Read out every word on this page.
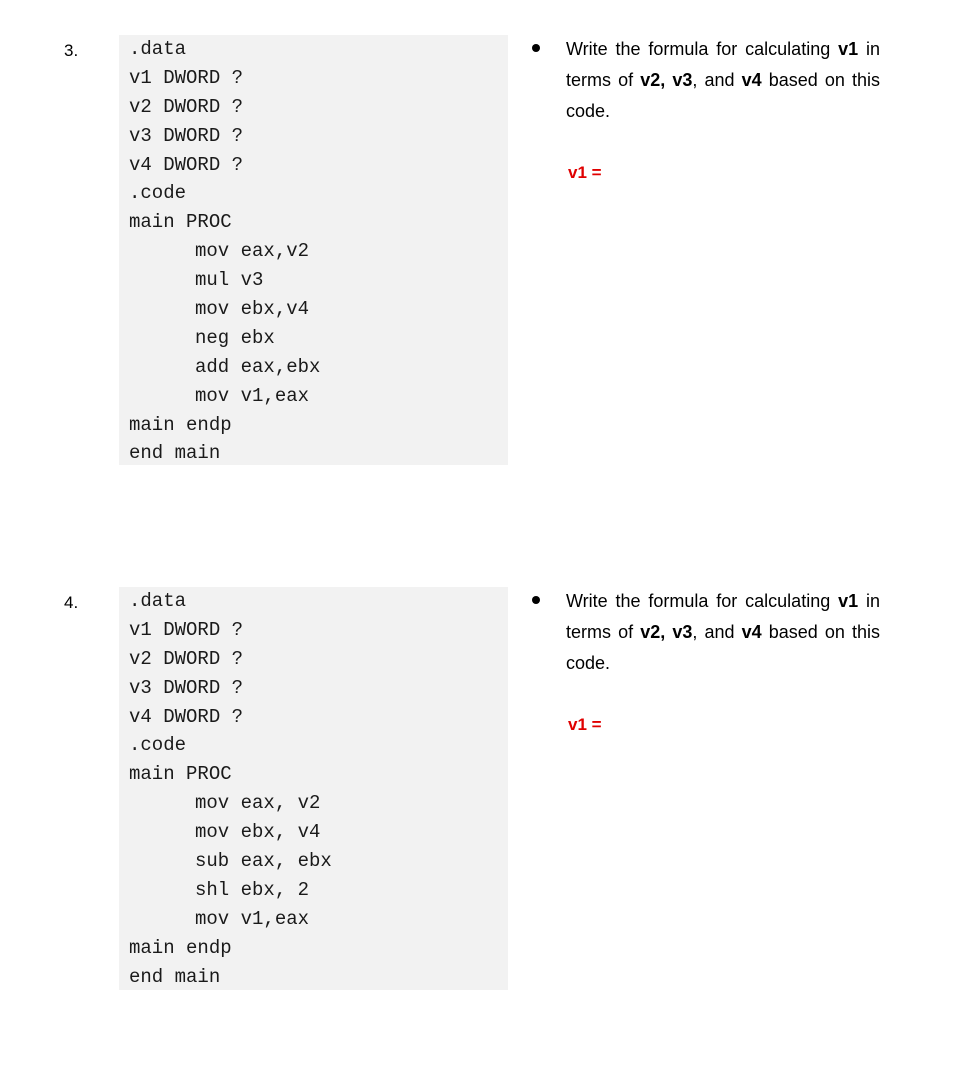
3.	.data
v1 DWORD ?
v2 DWORD ?
v3 DWORD ?
v4 DWORD ?
.code
main PROC
mov eax,v2
mul v3
mov ebx,v4
neg ebx
add eax,ebx
mov v1,eax
main endp
end main
Write the formula for calculating v1 in terms of v2, v3, and v4 based on this code.
v1 =
4.	.data
v1 DWORD ?
v2 DWORD ?
v3 DWORD ?
v4 DWORD ?
.code
main PROC
mov eax, v2
mov ebx, v4
sub eax, ebx
shl ebx, 2
mov v1,eax
main endp
end main
Write the formula for calculating v1 in terms of v2, v3, and v4 based on this code.
v1 =
